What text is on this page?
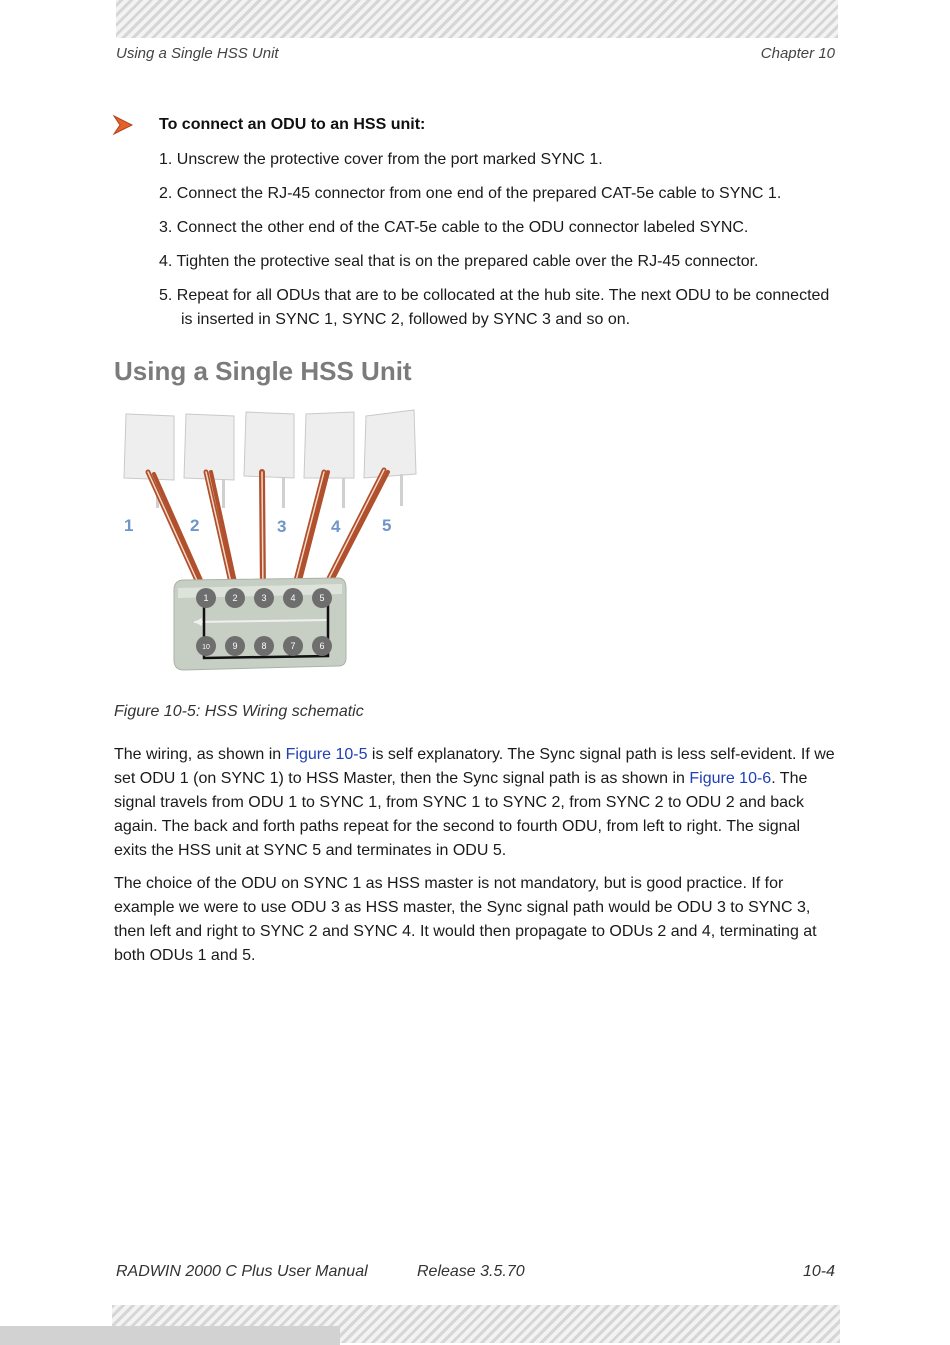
Using a Single HSS Unit	Chapter 10
To connect an ODU to an HSS unit:
1. Unscrew the protective cover from the port marked SYNC 1.
2. Connect the RJ-45 connector from one end of the prepared CAT-5e cable to SYNC 1.
3. Connect the other end of the CAT-5e cable to the ODU connector labeled SYNC.
4. Tighten the protective seal that is on the prepared cable over the RJ-45 connector.
5. Repeat for all ODUs that are to be collocated at the hub site. The next ODU to be connected is inserted in SYNC 1, SYNC 2, followed by SYNC 3 and so on.
Using a Single HSS Unit
1	2	3	4 5
1	2	3	4	5
10	9	8	7	6
Figure 10-5: HSS Wiring schematic

The wiring, as shown in Figure 10-5 is self explanatory. The Sync signal path is less self-evident. If we set ODU 1 (on SYNC 1) to HSS Master, then the Sync signal path is as shown in Figure 10-6. The signal travels from ODU 1 to SYNC 1, from SYNC 1 to SYNC 2, from SYNC 2 to ODU 2 and back again. The back and forth paths repeat for the second to fourth ODU, from left to right. The signal exits the HSS unit at SYNC 5 and terminates in ODU 5.

The choice of the ODU on SYNC 1 as HSS master is not mandatory, but is good practice. If for example we were to use ODU 3 as HSS master, the Sync signal path would be ODU 3 to SYNC 3, then left and right to SYNC 2 and SYNC 4. It would then propagate to ODUs 2 and 4, terminating at both ODUs 1 and 5.

RADWIN 2000 C Plus User Manual	Release 3.5.70	10-4
